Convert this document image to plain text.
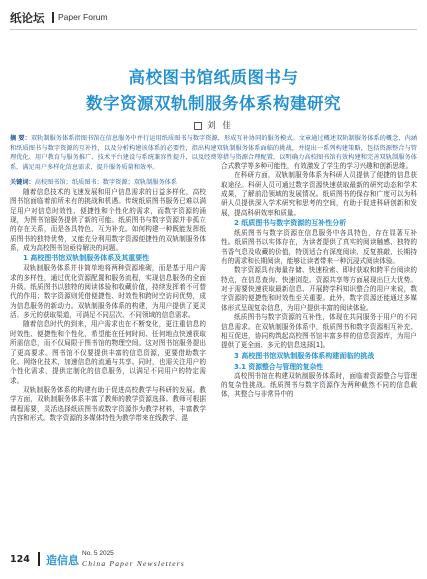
纸论坛 Paper Forum
高校图书馆纸质图书与
数字资源双轨制服务体系构建研究
刘 佳
摘 要：双轨制服务体系指图书馆在信息服务中并行运用纸质图书与数字资源，形成互补协同的服务模式。文章通过概述双轨制服务体系的概念、内涵和纸质图书与数字资源的互补性，以及分析构建该体系的必要性，指出构建双轨制服务体系面临的挑战，并提出一系列构建策略，包括资源整合与管理优化、用户教育与服务推广、技术平台建设与系统兼容性提升，以及经费筹措与资源合理配置，以明确力高校图书馆有效构建和完善双轨制服务体系，满足用户多样化信息需求，提升服务质量和效率。
关键词：高校图书馆；纸质图书；数字资源；双轨制服务体系

随着信息技术的飞速发展和用户信息需求的日益多样化，高校图书馆面临着前所未有的挑战和机遇。传统纸质图书服务已难以满足用户对信息时效性、便捷性和个性化的需求，而数字资源的涌现，为图书馆服务提供了新的可能。纸质图书与数字资源并非孤立的存在关系，而是各具特色、互为补充。如何构建一种既能发挥纸质图书的独特优势，又能充分利用数字资源便捷性的双轨制服务体系，成为高校图书馆亟待解决的问题。

1 高校图书馆双轨制服务体系及其重要性

双轨制服务体系并非简单地将两种资源堆砌，而是基于用户需求的多样性，通过优化资源配置和服务流程，实现信息服务的全面升级。纸质图书以独特的阅读体验和收藏价值，持续发挥着不可替代的作用；数字资源则凭借便捷性、时效性和跨时空访问优势，成为信息服务的新动力。双轨制服务体系的构建，为用户提供了更灵活、多元的获取渠道，可满足不同层次、不同领域的信息需求。

随着信息时代的到来，用户需求也在不断变化，更注重信息的时效性、便捷性和个性化，希望能在任何时间、任何地点快速获取所需信息，而不仅局限于图书馆的物理空间。这对图书馆服务提出了更高要求。图书馆不仅要提供丰富的信息资源，更要借助数字化、网络化技术，加速信息的流通与共享。同时，也需关注用户的个性化需求，提供定制化的信息服务，以满足不同用户的特定需求。

双轨制服务体系的构建有助于促进高校教学与科研的发展。教学方面，双轨制服务体系丰富了教师的教学资源选择。教师可根据课程需要，灵活选择纸质图书或数字资源作为教学材料，丰富教学内容和形式。数字资源的多媒体特性为教学带来在线教学、混

合式教学等多种可能性，有效激发了学生的学习兴趣和创新思维。

在科研方面，双轨制服务体系为科研人员提供了便捷的信息获取途径。科研人员可通过数字资源快速获取最新的研究动态和学术成果，了解前沿领域的发展情况。纸质图书的保存和广度可以为科研人员提供深入学术研究和思考的空间，有助于促进科研创新和发展，提高科研效率和质量。

2 纸质图书与数字资源的互补性分析

纸质图书与数字资源在信息服务中各具特色，存在显著互补性。纸质图书以实体存在，为读者提供了真实的阅读触感、独特的书香气息及收藏的价值，特别适合有深度阅读、反复推敲、长期持有的需求和长期阅读，能够让读者带来一种沉浸式阅读体验。

数字资源具有海量存储、快速检索、即时获取和跨平台阅读的特点，在信息查询、快速浏览、资源共享等方面展现出巨大优势。对于需要快速获取最新信息、开展跨学科知识整合的用户来说，数字资源的便捷性和时效性至关重要。此外，数字资源还能通过多媒体形式呈现复杂信息，为用户提供丰富的阅读体验。

纸质图书与数字资源的互补性，体现在共同服务于用户的不同信息需求。在双轨制服务体系中，纸质图书和数字资源相互补充、相互促进，协同构筑起高校图书馆丰富多样的信息资源库，为用户提供了更全面、多元的信息选择[1]。

3 高校图书馆双轨制服务体系构建面临的挑战

3.1 资源整合与管理的复杂性

高校图书馆在构建双轨制服务体系时，面临着资源整合与管理的复杂性挑战。纸质图书与数字资源作为两种截然不同的信息载体，其整合与非常异中的

124 造信息
No. 5 2025
China Paper Newsletters
